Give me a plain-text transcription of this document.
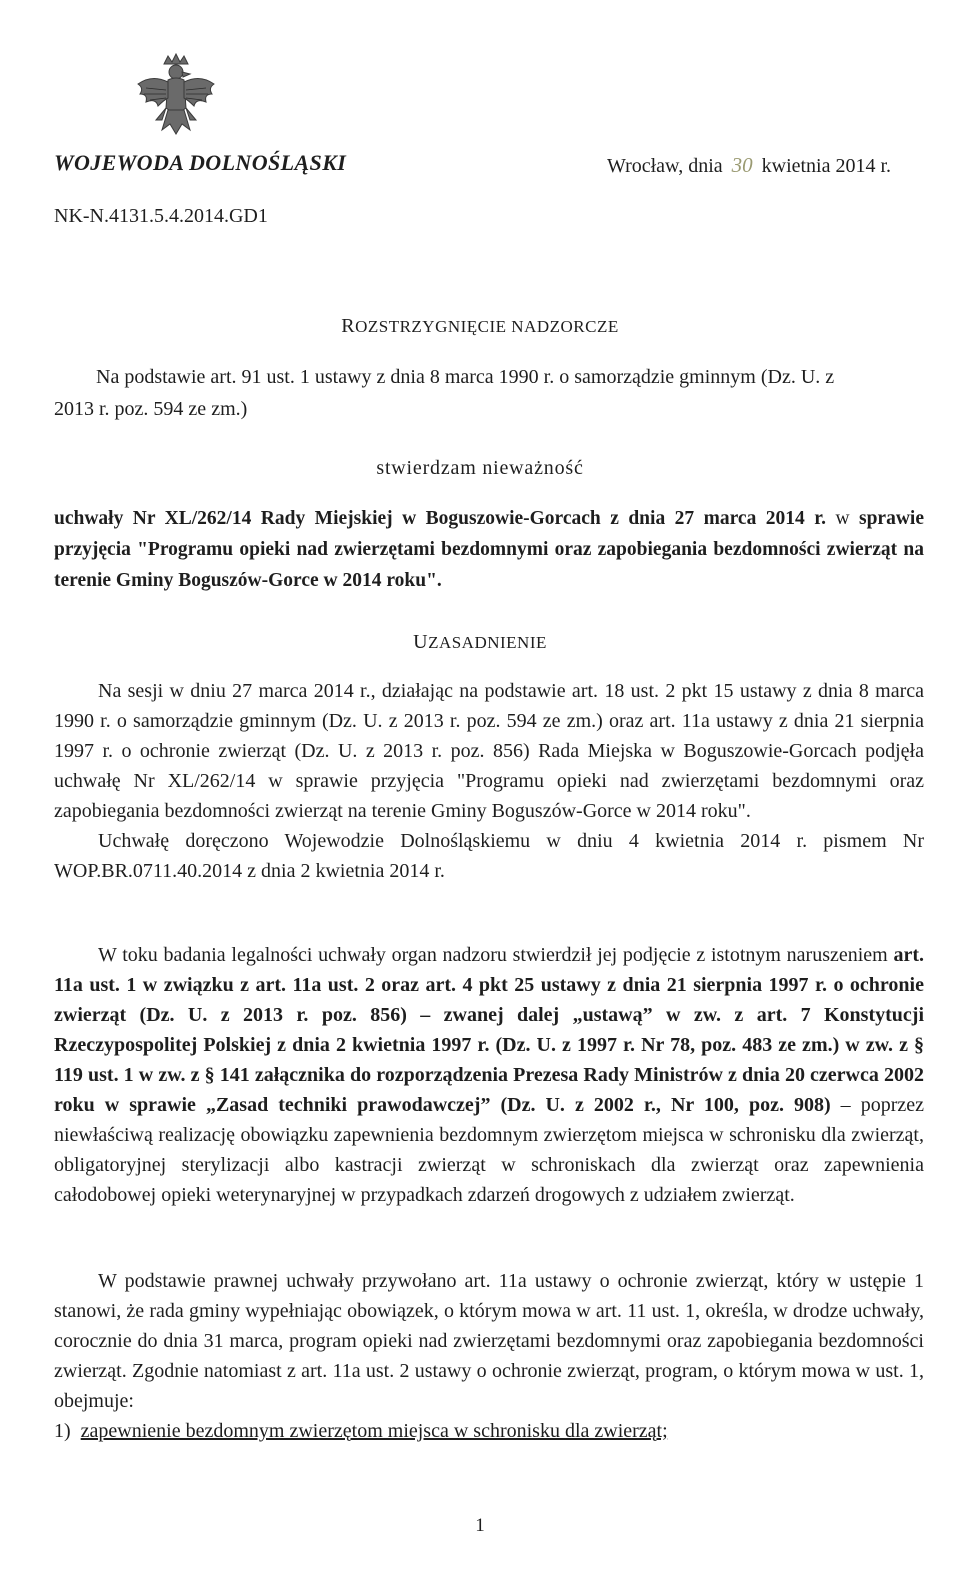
WOJEWODA DOLNOŚLĄSKI	Wrocław, dnia 30 kwietnia 2014 r.
NK-N.4131.5.4.2014.GD1
ROZSTRZYGNIĘCIE NADZORCZE
Na podstawie art. 91 ust. 1 ustawy z dnia 8 marca 1990 r. o samorządzie gminnym (Dz. U. z
2013 r. poz. 594 ze zm.)
stwierdzam nieważność
uchwały Nr XL/262/14 Rady Miejskiej w Boguszowie-Gorcach z dnia 27 marca 2014 r. w sprawie przyjęcia "Programu opieki nad zwierzętami bezdomnymi oraz zapobiegania bezdomności zwierząt na terenie Gminy Boguszów-Gorce w 2014 roku".
UZASADNIENIE

Na sesji w dniu 27 marca 2014 r., działając na podstawie art. 18 ust. 2 pkt 15 ustawy z dnia 8 marca 1990 r. o samorządzie gminnym (Dz. U. z 2013 r. poz. 594 ze zm.) oraz art. 11a ustawy z dnia 21 sierpnia 1997 r. o ochronie zwierząt (Dz. U. z 2013 r. poz. 856) Rada Miejska w Boguszowie-Gorcach podjęła uchwałę Nr XL/262/14 w sprawie przyjęcia "Programu opieki nad zwierzętami bezdomnymi oraz zapobiegania bezdomności zwierząt na terenie Gminy Boguszów-Gorce w 2014 roku".

Uchwałę doręczono Wojewodzie Dolnośląskiemu w dniu 4 kwietnia 2014 r. pismem Nr WOP.BR.0711.40.2014 z dnia 2 kwietnia 2014 r.

W toku badania legalności uchwały organ nadzoru stwierdził jej podjęcie z istotnym naruszeniem art. 11a ust. 1 w związku z art. 11a ust. 2 oraz art. 4 pkt 25 ustawy z dnia 21 sierpnia 1997 r. o ochronie zwierząt (Dz. U. z 2013 r. poz. 856) – zwanej dalej „ustawą” w zw. z art. 7 Konstytucji Rzeczypospolitej Polskiej z dnia 2 kwietnia 1997 r. (Dz. U. z 1997 r. Nr 78, poz. 483 ze zm.) w zw. z § 119 ust. 1 w zw. z § 141 załącznika do rozporządzenia Prezesa Rady Ministrów z dnia 20 czerwca 2002 roku w sprawie „Zasad techniki prawodawczej” (Dz. U. z 2002 r., Nr 100, poz. 908) – poprzez niewłaściwą realizację obowiązku zapewnienia bezdomnym zwierzętom miejsca w schronisku dla zwierząt, obligatoryjnej sterylizacji albo kastracji zwierząt w schroniskach dla zwierząt oraz zapewnienia całodobowej opieki weterynaryjnej w przypadkach zdarzeń drogowych z udziałem zwierząt.

W podstawie prawnej uchwały przywołano art. 11a ustawy o ochronie zwierząt, który w ustępie 1 stanowi, że rada gminy wypełniając obowiązek, o którym mowa w art. 11 ust. 1, określa, w drodze uchwały, corocznie do dnia 31 marca, program opieki nad zwierzętami bezdomnymi oraz zapobiegania bezdomności zwierząt. Zgodnie natomiast z art. 11a ust. 2 ustawy o ochronie zwierząt, program, o którym mowa w ust. 1, obejmuje:

1) zapewnienie bezdomnym zwierzętom miejsca w schronisku dla zwierząt;
1
